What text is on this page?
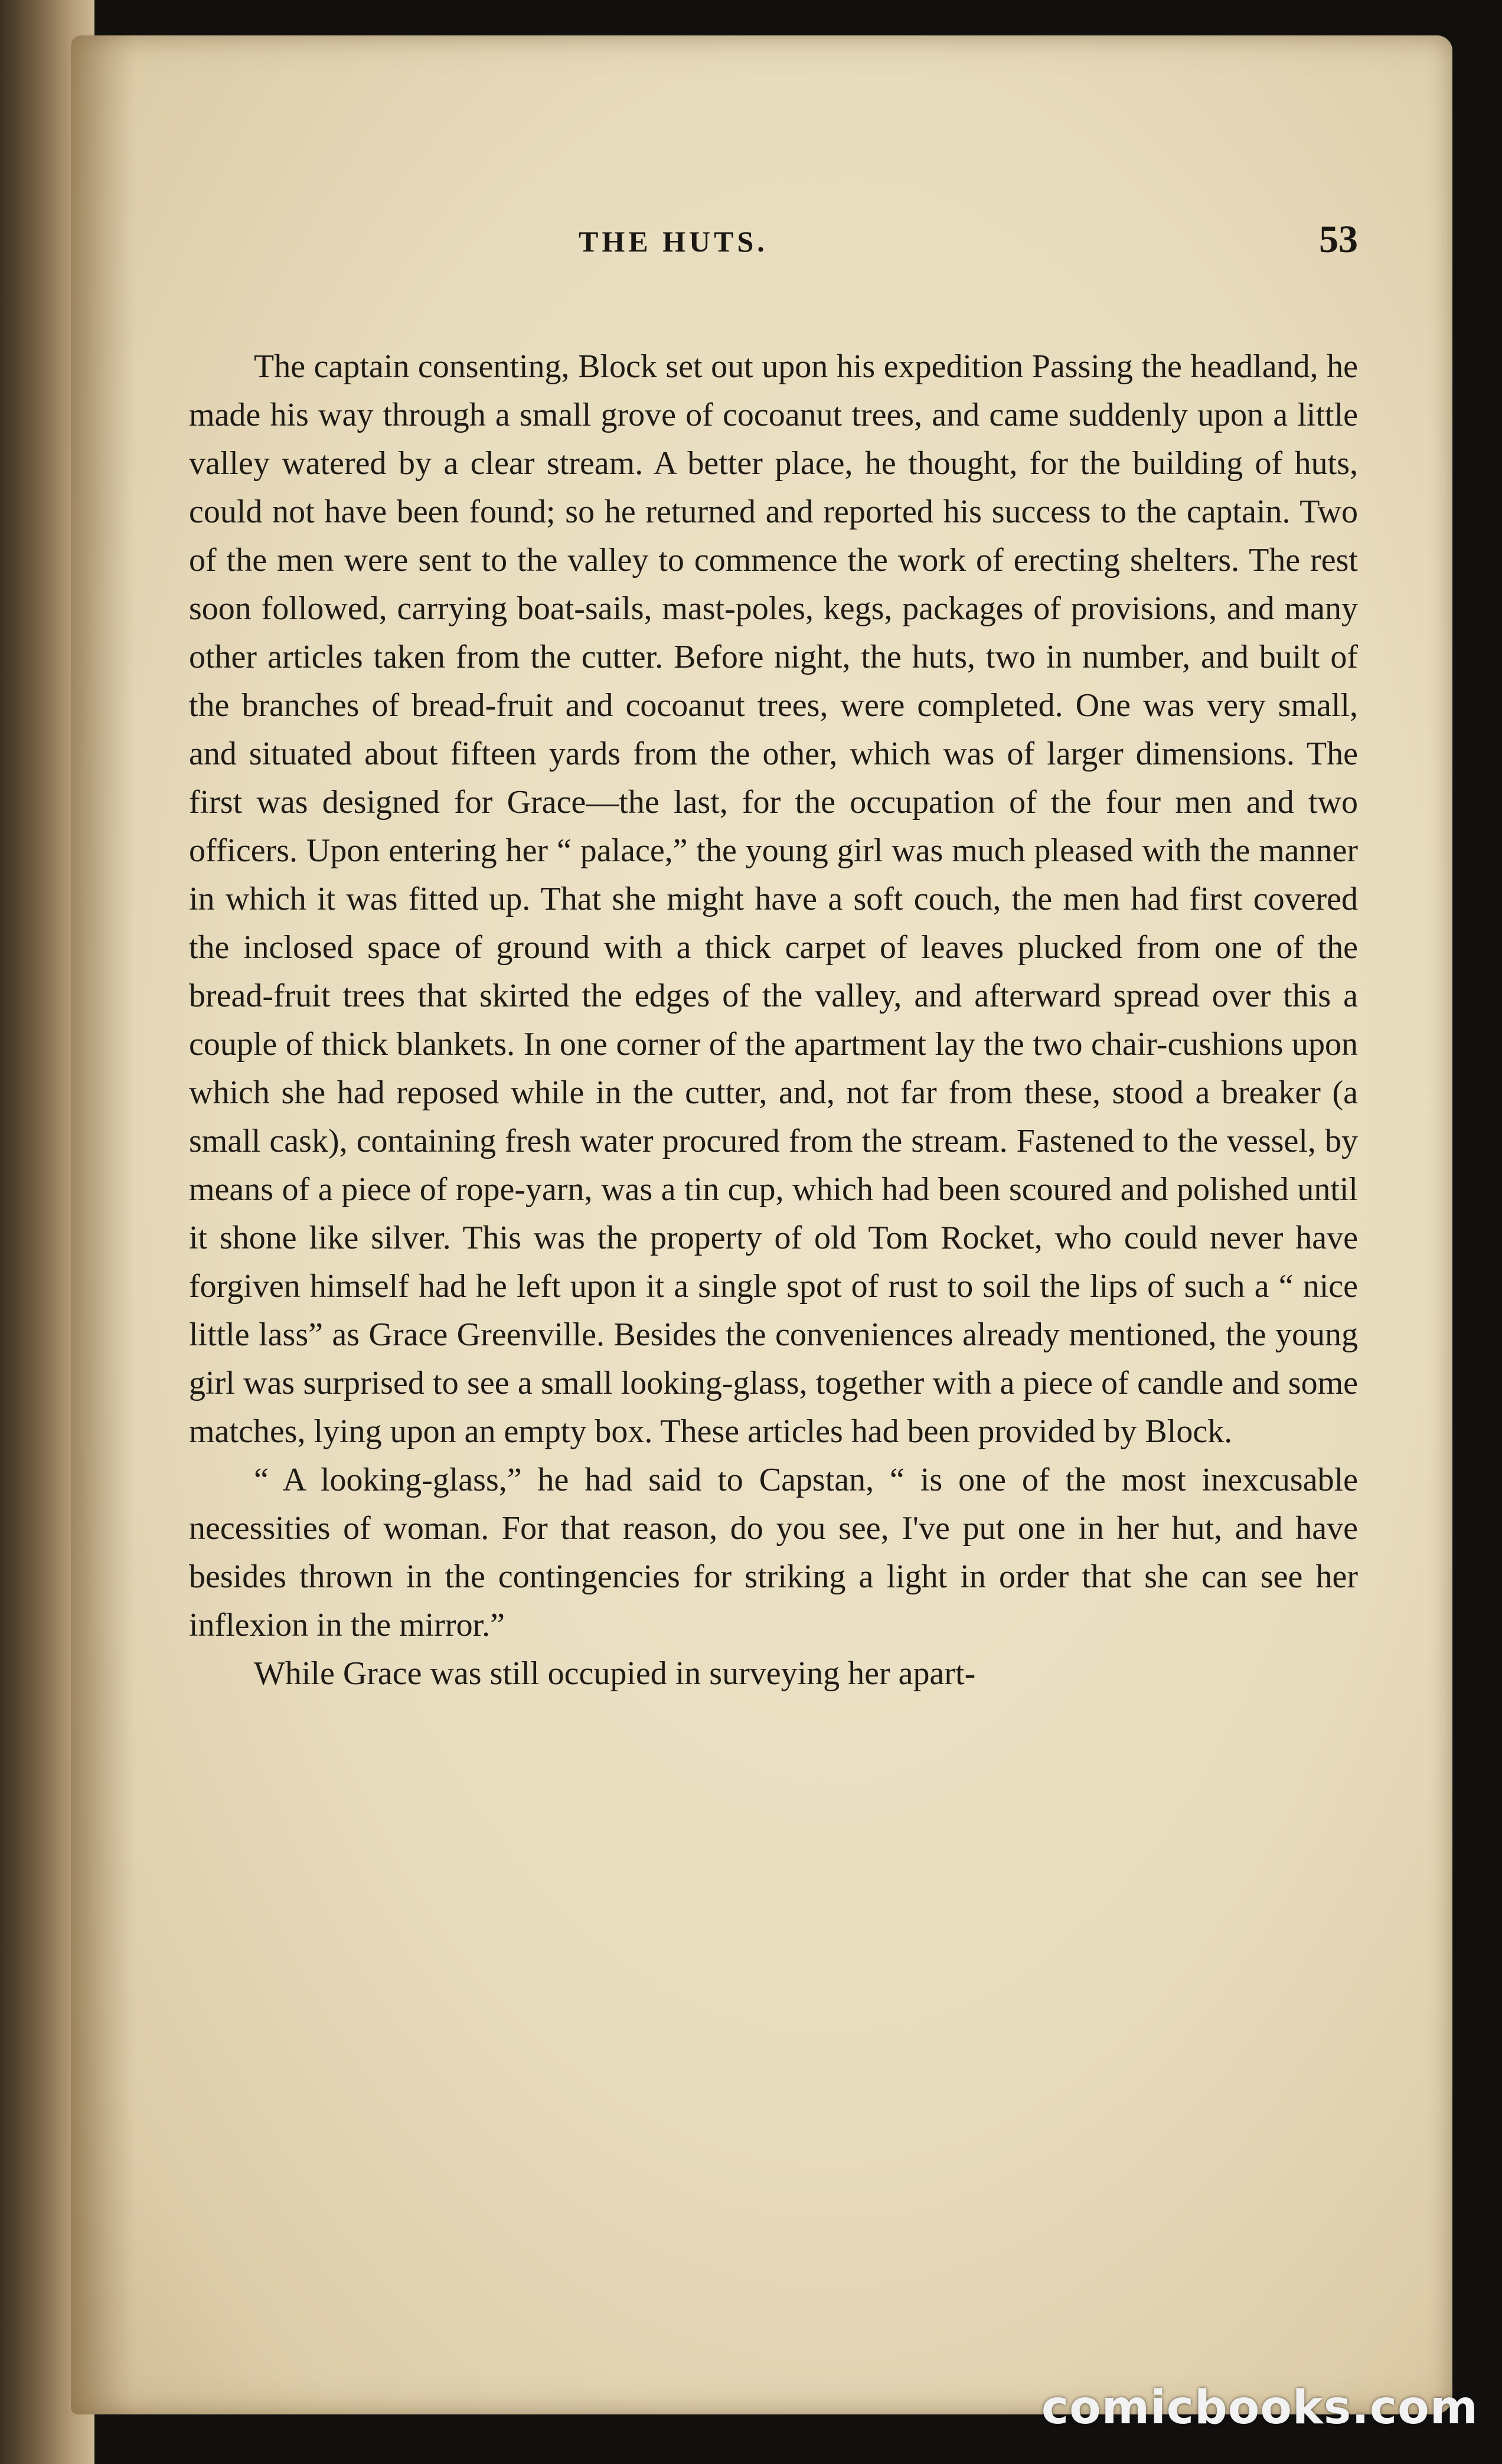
THE HUTS.	53

The captain consenting, Block set out upon his expedition Passing the headland, he made his way through a small grove of cocoanut trees, and came suddenly upon a little valley watered by a clear stream. A better place, he thought, for the building of huts, could not have been found; so he returned and reported his success to the captain. Two of the men were sent to the valley to commence the work of erecting shelters. The rest soon followed, carrying boat-sails, mast-poles, kegs, packages of provisions, and many other articles taken from the cutter. Before night, the huts, two in number, and built of the branches of bread-fruit and cocoanut trees, were completed. One was very small, and situated about fifteen yards from the other, which was of larger dimensions. The first was designed for Grace—the last, for the occupation of the four men and two officers. Upon entering her “ palace,” the young girl was much pleased with the manner in which it was fitted up. That she might have a soft couch, the men had first covered the inclosed space of ground with a thick carpet of leaves plucked from one of the bread-fruit trees that skirted the edges of the valley, and afterward spread over this a couple of thick blankets. In one corner of the apartment lay the two chair-cushions upon which she had reposed while in the cutter, and, not far from these, stood a breaker (a small cask), containing fresh water procured from the stream. Fastened to the vessel, by means of a piece of rope-yarn, was a tin cup, which had been scoured and polished until it shone like silver. This was the property of old Tom Rocket, who could never have forgiven himself had he left upon it a single spot of rust to soil the lips of such a “ nice little lass” as Grace Greenville. Besides the conveniences already mentioned, the young girl was surprised to see a small looking-glass, together with a piece of candle and some matches, lying upon an empty box. These articles had been provided by Block.

“ A looking-glass,” he had said to Capstan, “ is one of the most inexcusable necessities of woman. For that reason, do you see, I've put one in her hut, and have besides thrown in the contingencies for striking a light in order that she can see her inflexion in the mirror.”

While Grace was still occupied in surveying her apart-

comicbooks.com
